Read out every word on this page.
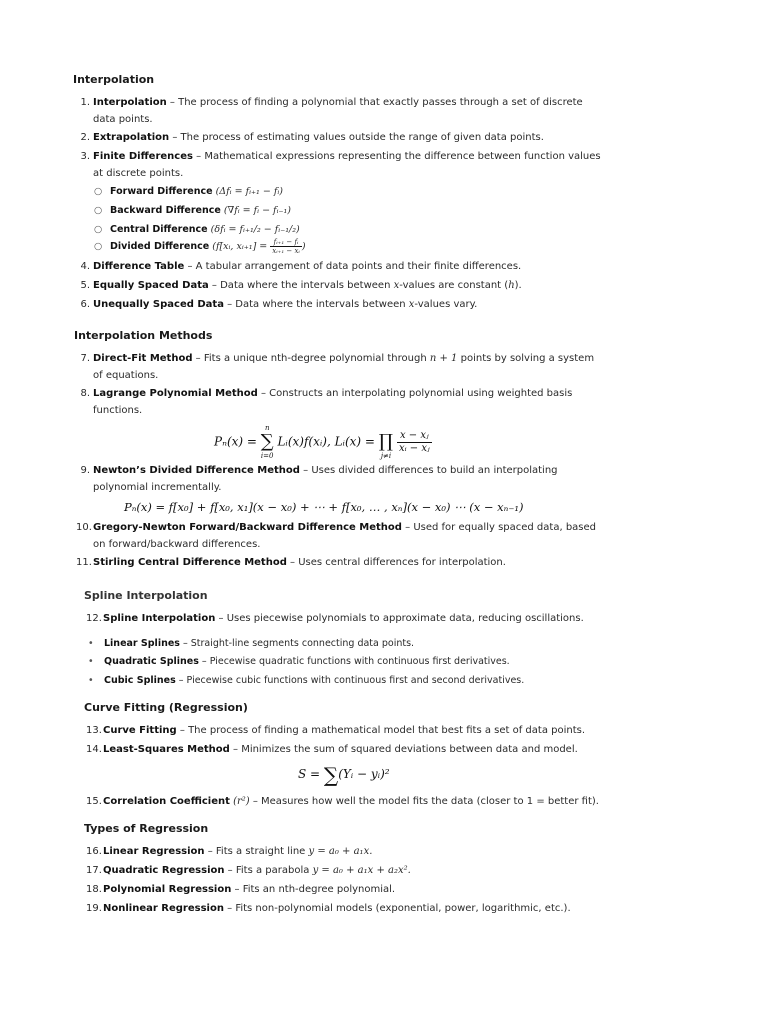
Interpolation
1. Interpolation – The process of finding a polynomial that exactly passes through a set of discrete data points.
2. Extrapolation – The process of estimating values outside the range of given data points.
3. Finite Differences – Mathematical expressions representing the difference between function values at discrete points.
○ Forward Difference (Δfᵢ = fᵢ₊₁ − fᵢ)
○ Backward Difference (∇fᵢ = fᵢ − fᵢ₋₁)
○ Central Difference (δfᵢ = fᵢ₊₁/₂ − fᵢ₋₁/₂)
○ Divided Difference (f[xᵢ, xᵢ₊₁] = $\frac{\text{fᵢ₊₁ − fᵢ}}{\text{xᵢ₊₁ − xᵢ}}$ )
4. Difference Table – A tabular arrangement of data points and their finite differences.
5. Equally Spaced Data – Data where the intervals between x-values are constant (h).
6. Unequally Spaced Data – Data where the intervals between x-values vary.
Interpolation Methods
7. Direct-Fit Method – Fits a unique nth-degree polynomial through n + 1 points by solving a system of equations.
8. Lagrange Polynomial Method – Constructs an interpolating polynomial using weighted basis functions.
Pₙ(x) = n
∑
i=0 Lᵢ(x)f(xᵢ), Lᵢ(x) = ∏
j≠i
$\frac{\text{x − xⱼ}}{\text{xᵢ − xⱼ}}$
9. Newton’s Divided Difference Method – Uses divided differences to build an interpolating polynomial incrementally.
Pₙ(x) = f[x₀] + f[x₀, x₁](x − x₀) + ⋯ + f[x₀, … , xₙ](x − x₀) ⋯ (x − xₙ₋₁)
10. Gregory-Newton Forward/Backward Difference Method – Used for equally spaced data, based on forward/backward differences.
11. Stirling Central Difference Method – Uses central differences for interpolation.
Spline Interpolation
12. Spline Interpolation – Uses piecewise polynomials to approximate data, reducing oscillations.
• Linear Splines – Straight-line segments connecting data points.
• Quadratic Splines – Piecewise quadratic functions with continuous first derivatives.
• Cubic Splines – Piecewise cubic functions with continuous first and second derivatives.
Curve Fitting (Regression)
13. Curve Fitting – The process of finding a mathematical model that best fits a set of data points.
14. Least-Squares Method – Minimizes the sum of squared deviations between data and model.
S = ∑(Yᵢ − yᵢ)²
15. Correlation Coefficient (r²) – Measures how well the model fits the data (closer to 1 = better fit).
Types of Regression
16. Linear Regression – Fits a straight line y = a₀ + a₁x.
17. Quadratic Regression – Fits a parabola y = a₀ + a₁x + a₂x².
18. Polynomial Regression – Fits an nth-degree polynomial.
19. Nonlinear Regression – Fits non-polynomial models (exponential, power, logarithmic, etc.).
